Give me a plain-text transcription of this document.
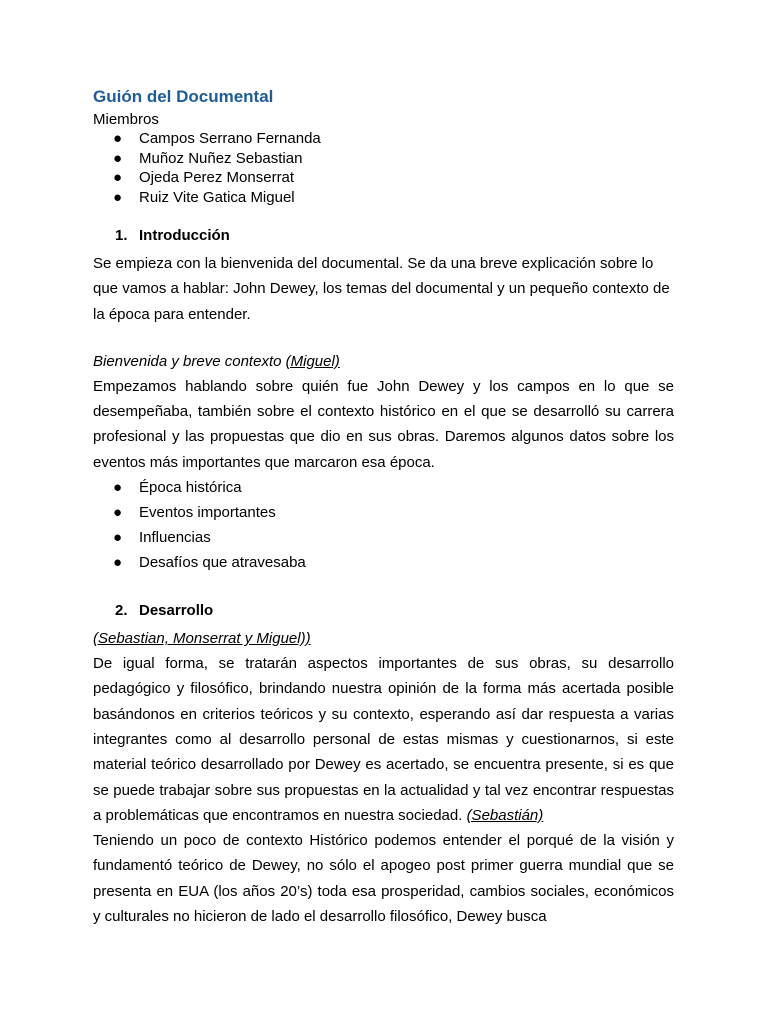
Guión del Documental

Miembros

● Campos Serrano Fernanda
● Muñoz Nuñez Sebastian
● Ojeda Perez Monserrat
● Ruiz Vite Gatica Miguel

1. Introducción

Se empieza con la bienvenida del documental. Se da una breve explicación sobre lo que vamos a hablar: John Dewey, los temas del documental y un pequeño contexto de la época para entender.

Bienvenida y breve contexto (Miguel)

Empezamos hablando sobre quién fue John Dewey y los campos en lo que se desempeñaba, también sobre el contexto histórico en el que se desarrolló su carrera profesional y las propuestas que dio en sus obras. Daremos algunos datos sobre los eventos más importantes que marcaron esa época.

● Época histórica
● Eventos importantes
● Influencias
● Desafíos que atravesaba

2. Desarrollo

(Sebastian, Monserrat y Miguel))

De igual forma, se tratarán aspectos importantes de sus obras, su desarrollo pedagógico y filosófico, brindando nuestra opinión de la forma más acertada posible basándonos en criterios teóricos y su contexto, esperando así dar respuesta a varias integrantes como al desarrollo personal de estas mismas y cuestionarnos, si este material teórico desarrollado por Dewey es acertado, se encuentra presente, si es que se puede trabajar sobre sus propuestas en la actualidad y tal vez encontrar respuestas a problemáticas que encontramos en nuestra sociedad. (Sebastián)

Teniendo un poco de contexto Histórico podemos entender el porqué de la visión y fundamentó teórico de Dewey, no sólo el apogeo post primer guerra mundial que se presenta en EUA (los años 20’s) toda esa prosperidad, cambios sociales, económicos y culturales no hicieron de lado el desarrollo filosófico, Dewey busca
